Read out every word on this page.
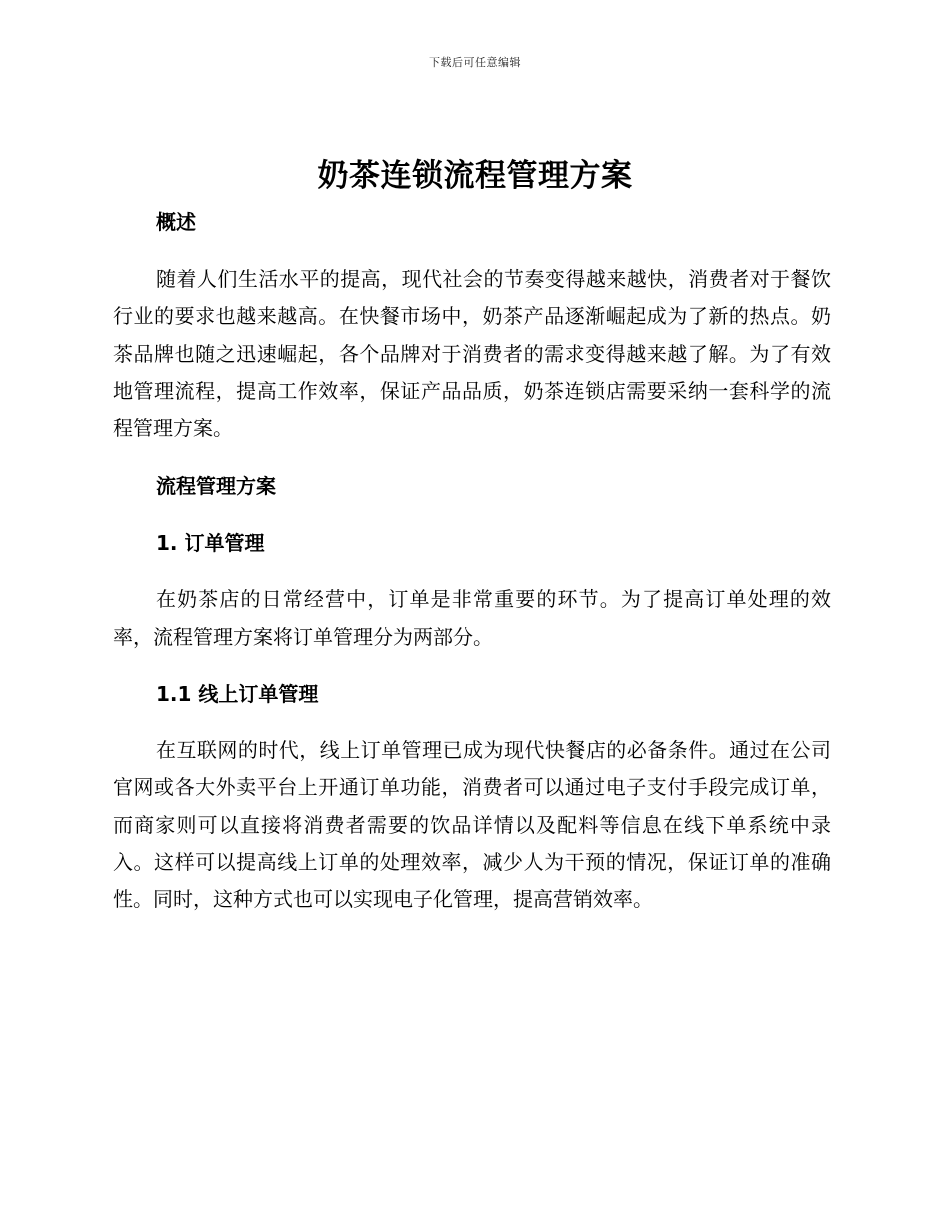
下载后可任意编辑
奶茶连锁流程管理方案

概述

随着人们生活水平的提高，现代社会的节奏变得越来越快，消费者对于餐饮行业的要求也越来越高。在快餐市场中，奶茶产品逐渐崛起成为了新的热点。奶茶品牌也随之迅速崛起，各个品牌对于消费者的需求变得越来越了解。为了有效地管理流程，提高工作效率，保证产品品质，奶茶连锁店需要采纳一套科学的流程管理方案。

流程管理方案

1. 订单管理

在奶茶店的日常经营中，订单是非常重要的环节。为了提高订单处理的效率，流程管理方案将订单管理分为两部分。

1.1 线上订单管理

在互联网的时代，线上订单管理已成为现代快餐店的必备条件。通过在公司官网或各大外卖平台上开通订单功能，消费者可以通过电子支付手段完成订单，而商家则可以直接将消费者需要的饮品详情以及配料等信息在线下单系统中录入。这样可以提高线上订单的处理效率，减少人为干预的情况，保证订单的准确性。同时，这种方式也可以实现电子化管理，提高营销效率。
